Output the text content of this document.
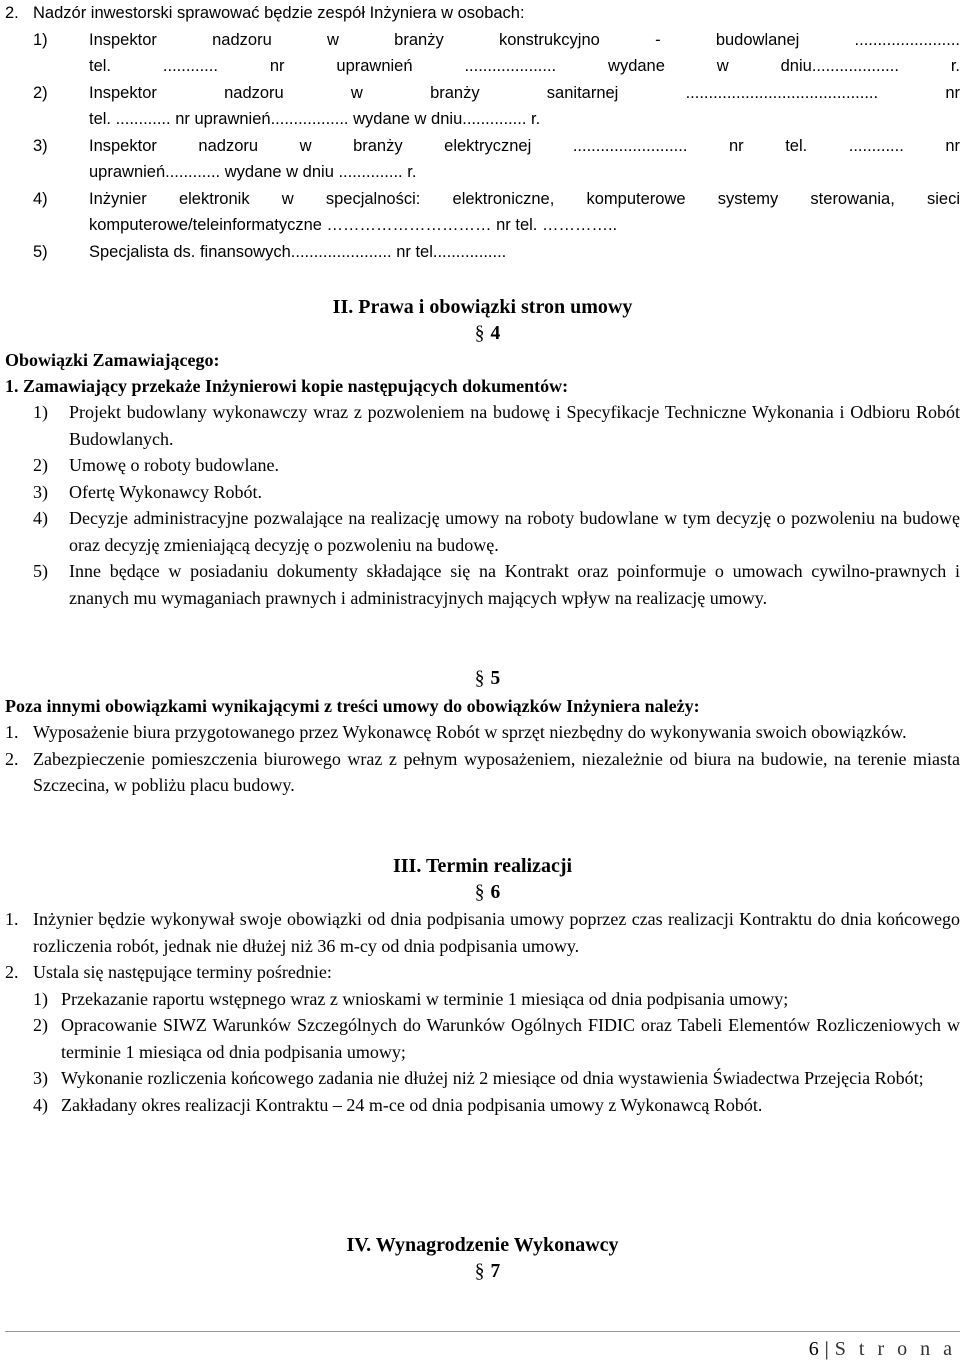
2. Nadzór inwestorski sprawować będzie zespół Inżyniera w osobach:
1)	Inspektor nadzoru w branży konstrukcyjno - budowlanej .......................
tel. ............ nr uprawnień .................... wydane w dniu................... r.
2)	Inspektor nadzoru w branży sanitarnej .......................................... nr
tel. ............ nr uprawnień................. wydane w dniu.............. r.
3)	Inspektor nadzoru w branży elektrycznej ......................... nr tel. ............ nr
uprawnień............ wydane w dniu .............. r.
4)	Inżynier elektronik w specjalności: elektroniczne, komputerowe systemy sterowania, sieci
komputerowe/teleinformatyczne ………………………… nr tel. …………..
5)	Specjalista ds. finansowych...................... nr tel................
II. Prawa i obowiązki stron umowy
§ 4
Obowiązki Zamawiającego:
1. Zamawiający przekaże Inżynierowi kopie następujących dokumentów:
1) Projekt budowlany wykonawczy wraz z pozwoleniem na budowę i Specyfikacje Techniczne Wykonania i Odbioru Robót Budowlanych.
2) Umowę o roboty budowlane.
3) Ofertę Wykonawcy Robót.
4) Decyzje administracyjne pozwalające na realizację umowy na roboty budowlane w tym decyzję o pozwoleniu na budowę oraz decyzję zmieniającą decyzję o pozwoleniu na budowę.
5) Inne będące w posiadaniu dokumenty składające się na Kontrakt oraz poinformuje o umowach cywilno-prawnych i znanych mu wymaganiach prawnych i administracyjnych mających wpływ na realizację umowy.
§ 5
Poza innymi obowiązkami wynikającymi z treści umowy do obowiązków Inżyniera należy:
1. Wyposażenie biura przygotowanego przez Wykonawcę Robót w sprzęt niezbędny do wykonywania swoich obowiązków.
2. Zabezpieczenie pomieszczenia biurowego wraz z pełnym wyposażeniem, niezależnie od biura na budowie, na terenie miasta Szczecina, w pobliżu placu budowy.
III. Termin realizacji
§ 6
1. Inżynier będzie wykonywał swoje obowiązki od dnia podpisania umowy poprzez czas realizacji Kontraktu do dnia końcowego rozliczenia robót, jednak nie dłużej niż 36 m-cy od dnia podpisania umowy.
2. Ustala się następujące terminy pośrednie:
1) Przekazanie raportu wstępnego wraz z wnioskami w terminie 1 miesiąca od dnia podpisania umowy;
2) Opracowanie SIWZ Warunków Szczególnych do Warunków Ogólnych FIDIC oraz Tabeli Elementów Rozliczeniowych w terminie 1 miesiąca od dnia podpisania umowy;
3) Wykonanie rozliczenia końcowego zadania nie dłużej niż 2 miesiące od dnia wystawienia Świadectwa Przejęcia Robót;
4) Zakładany okres realizacji Kontraktu – 24 m-ce od dnia podpisania umowy z Wykonawcą Robót.
IV. Wynagrodzenie Wykonawcy
§ 7
6 | S t r o n a
